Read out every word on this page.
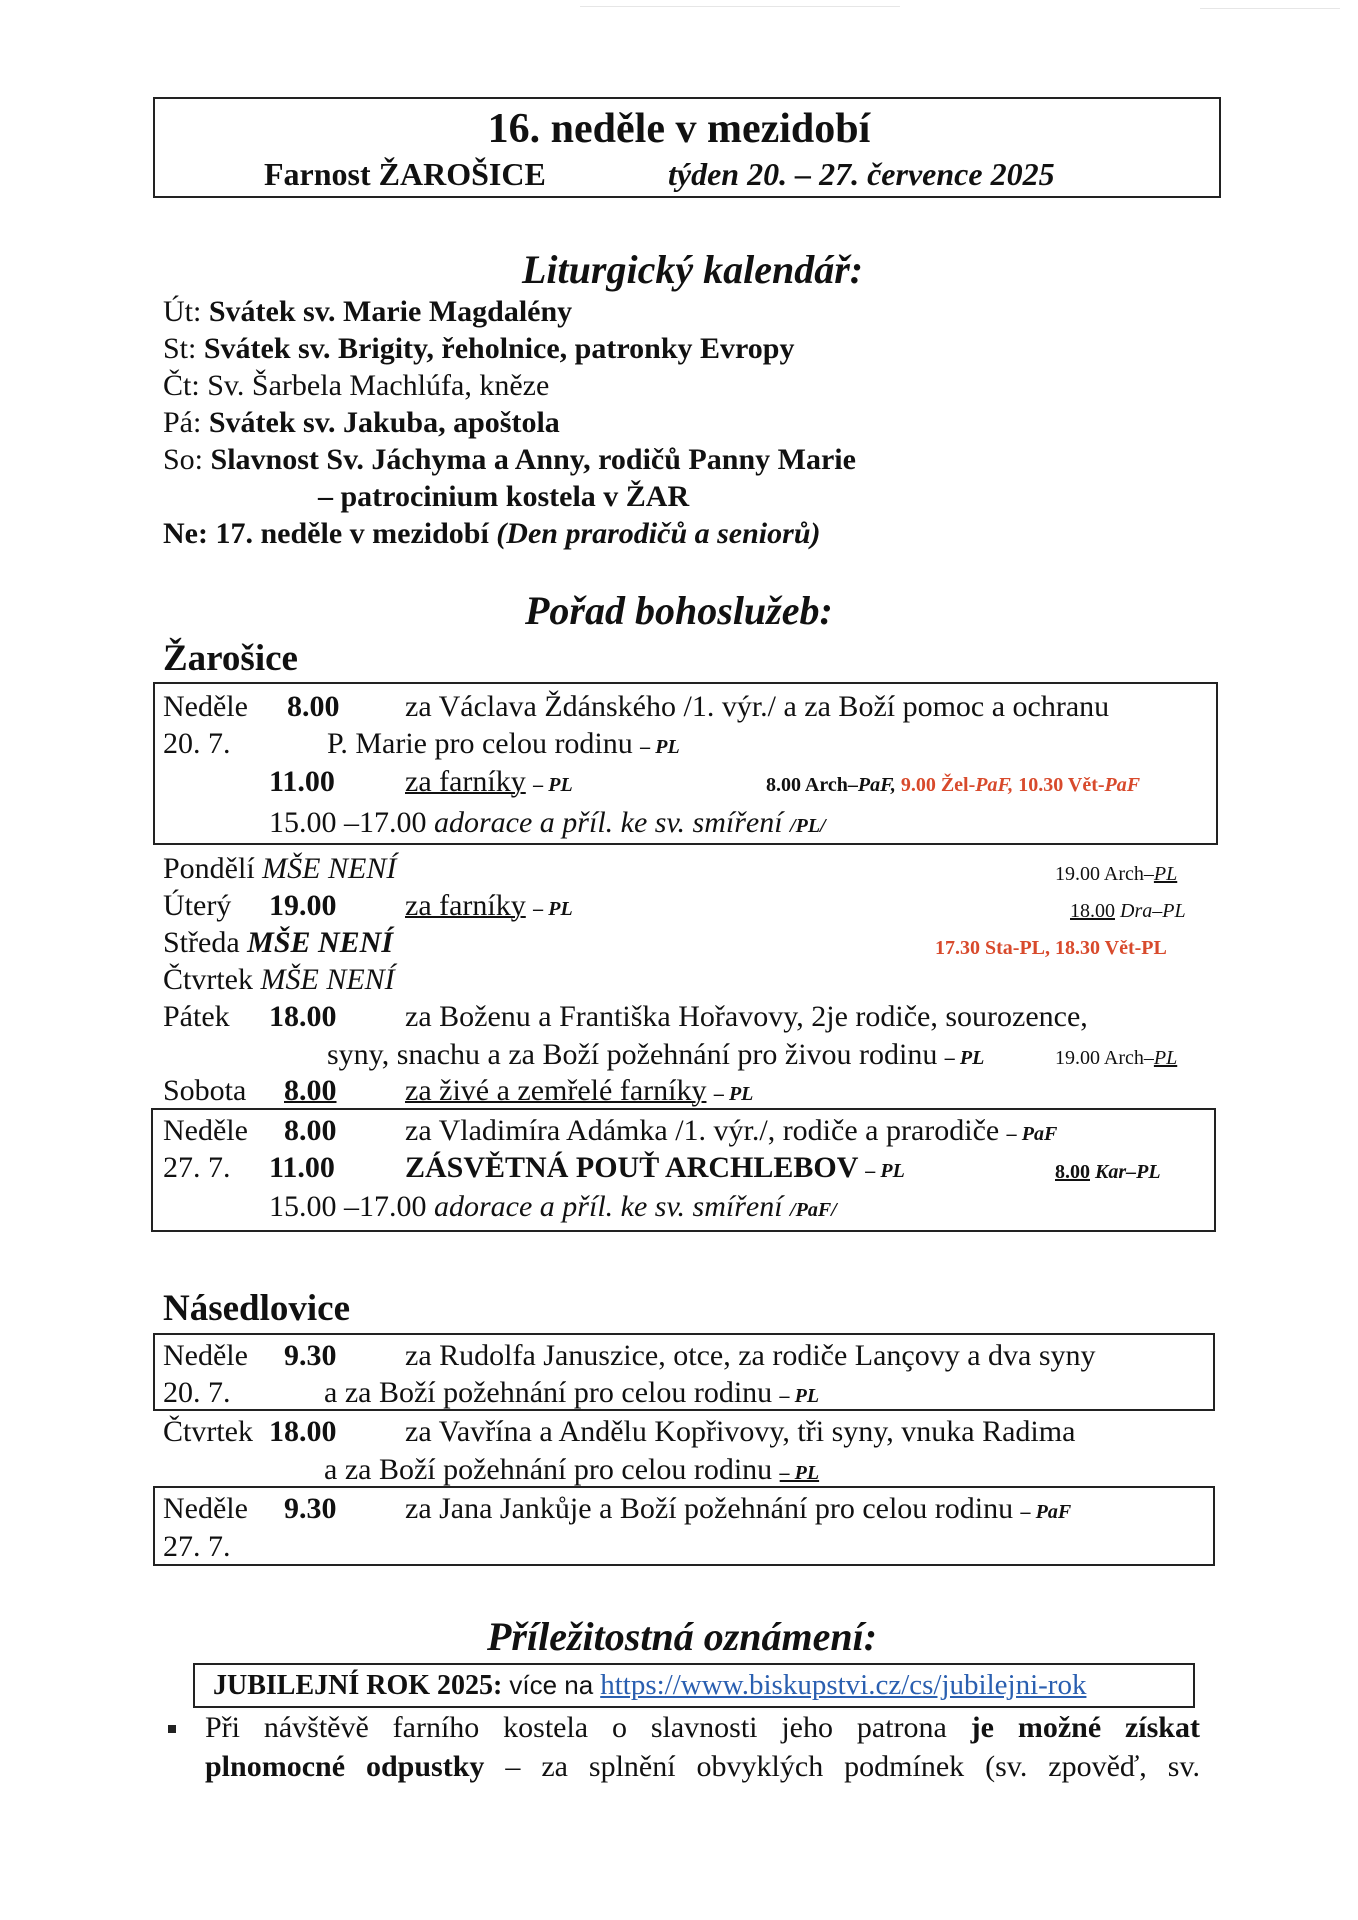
16. neděle v mezidobí
Farnost ŽAROŠICE	týden 20. – 27. července 2025
Liturgický kalendář:
Út: Svátek sv. Marie Magdalény
St: Svátek sv. Brigity, řeholnice, patronky Evropy
Čt: Sv. Šarbela Machlúfa, kněze
Pá: Svátek sv. Jakuba, apoštola
So: Slavnost Sv. Jáchyma a Anny, rodičů Panny Marie
– patrocinium kostela v ŽAR
Ne: 17. neděle v mezidobí (Den prarodičů a seniorů)
Pořad bohoslužeb:
Žarošice
Neděle 8.00 za Václava Ždánského /1. výr./ a za Boží pomoc a ochranu
20. 7.	P. Marie pro celou rodinu – PL
11.00 za farníky – PL	8.00 Arch–PaF, 9.00 Žel-PaF, 10.30 Vět-PaF
15.00 –17.00 adorace a příl. ke sv. smíření /PL/
Pondělí MŠE NENÍ	19.00 Arch–PL
Úterý 19.00 za farníky – PL	18.00 Dra–PL
Středa MŠE NENÍ	17.30 Sta-PL, 18.30 Vět-PL
Čtvrtek MŠE NENÍ
Pátek 18.00 za Boženu a Františka Hořavovy, 2je rodiče, sourozence,
syny, snachu a za Boží požehnání pro živou rodinu – PL	19.00 Arch–PL
Sobota 8.00 za živé a zemřelé farníky – PL
Neděle 8.00 za Vladimíra Adámka /1. výr./, rodiče a prarodiče – PaF
27. 7. 11.00 ZÁSVĚTNÁ POUŤ ARCHLEBOV – PL	8.00 Kar–PL
15.00 –17.00 adorace a příl. ke sv. smíření /PaF/
Násedlovice
Neděle 9.30 za Rudolfa Januszice, otce, za rodiče Lançovy a dva syny
20. 7.	a za Boží požehnání pro celou rodinu – PL
Čtvrtek 18.00 za Vavřína a Andělu Kopřivovy, tři syny, vnuka Radima
a za Boží požehnání pro celou rodinu – PL
Neděle 9.30 za Jana Jankůje a Boží požehnání pro celou rodinu – PaF
27. 7.
Příležitostná oznámení:
JUBILEJNÍ ROK 2025: více na https://www.biskupstvi.cz/cs/jubilejni-rok
Při návštěvě farního kostela o slavnosti jeho patrona je možné získat
plnomocné odpustky – za splnění obvyklých podmínek (sv. zpověď, sv.
